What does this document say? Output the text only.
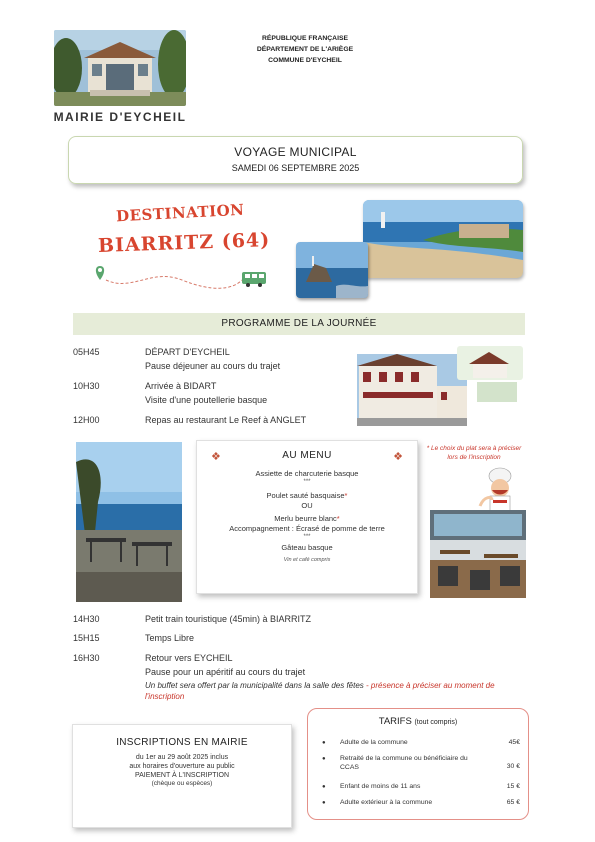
MAIRIE D'EYCHEIL
RÉPUBLIQUE FRANÇAISE
DÉPARTEMENT DE L'ARIÈGE
COMMUNE D'EYCHEIL
VOYAGE MUNICIPAL
SAMEDI 06 SEPTEMBRE 2025
DESTINATION
BIARRITZ (64)
PROGRAMME DE LA JOURNÉE
05H45	DÉPART D'EYCHEIL
Pause déjeuner au cours du trajet
10H30	Arrivée à BIDART
Visite d'une poutellerie basque
12H00	Repas au restaurant Le Reef à ANGLET
❖	❖
AU MENU
Assiette de charcuterie basque
***
Poulet sauté basquaise*
OU
Merlu beurre blanc*
Accompagnement : Écrasé de pomme de terre
***
Gâteau basque
Vin et café compris
* Le choix du plat sera à préciser lors de l'inscription
14H30	Petit train touristique (45min) à BIARRITZ
15H15	Temps Libre
16H30	Retour vers EYCHEIL
Pause pour un apéritif au cours du trajet
Un buffet sera offert par la municipalité dans la salle des fêtes - présence à préciser au moment de l'inscription
INSCRIPTIONS EN MAIRIE
du 1er au 29 août 2025 inclus
aux horaires d'ouverture au public
PAIEMENT À L'INSCRIPTION
(chèque ou espèces)
TARIFS (tout compris)
● Adulte de la commune	45€
● Retraité de la commune ou bénéficiaire du CCAS	30 €
● Enfant de moins de 11 ans	15 €
● Adulte extérieur à la commune	65 €
